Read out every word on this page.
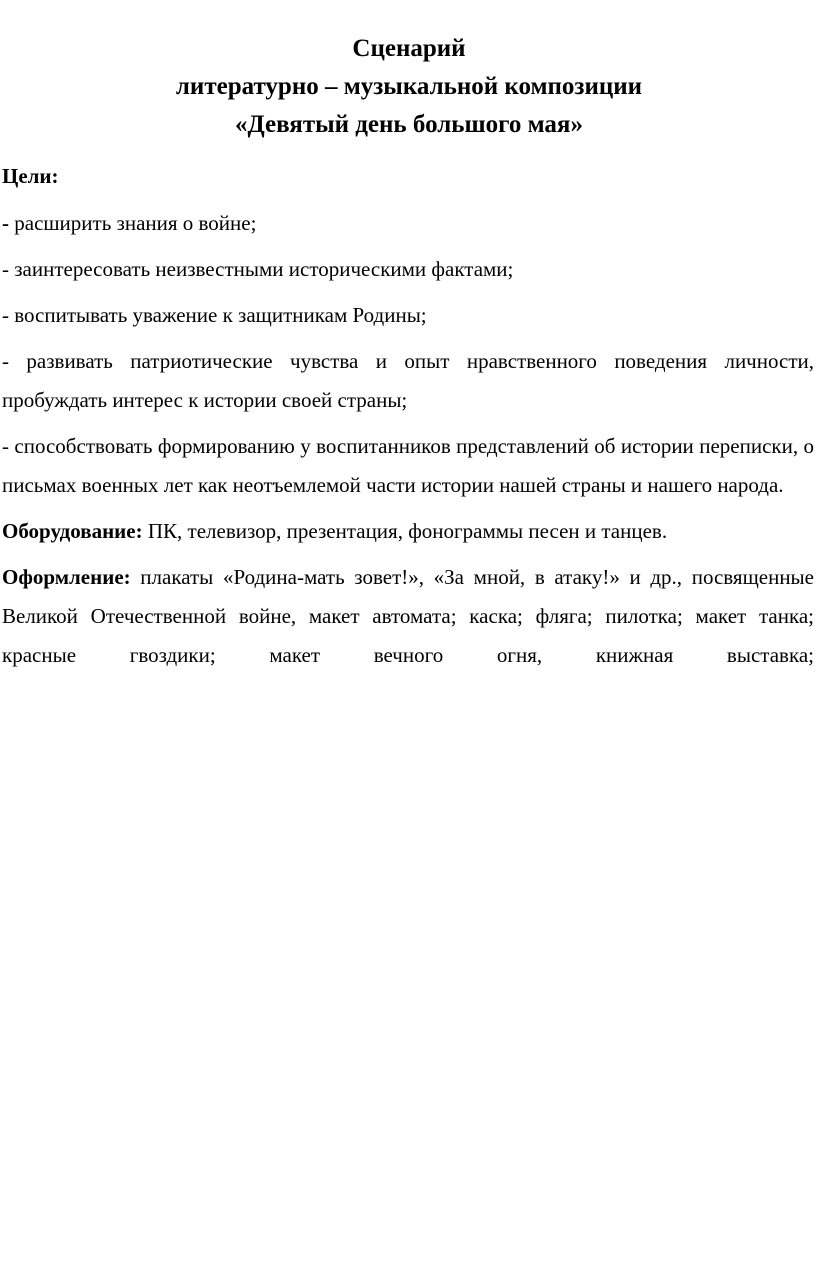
Сценарий
литературно – музыкальной композиции
«Девятый день большого мая»
Цели:

- расширить знания о войне;

- заинтересовать неизвестными историческими фактами;

- воспитывать уважение к защитникам Родины;

- развивать патриотические чувства и опыт нравственного поведения личности, пробуждать интерес к истории своей страны;

- способствовать формированию у воспитанников представлений об истории переписки, о письмах военных лет как неотъемлемой части истории нашей страны и нашего народа.

Оборудование: ПК, телевизор, презентация, фонограммы песен и танцев.

Оформление: плакаты «Родина-мать зовет!», «За мной, в атаку!» и др., посвященные Великой Отечественной войне, макет автомата; каска; фляга; пилотка; макет танка; красные гвоздики; макет вечного огня, книжная выставка;
